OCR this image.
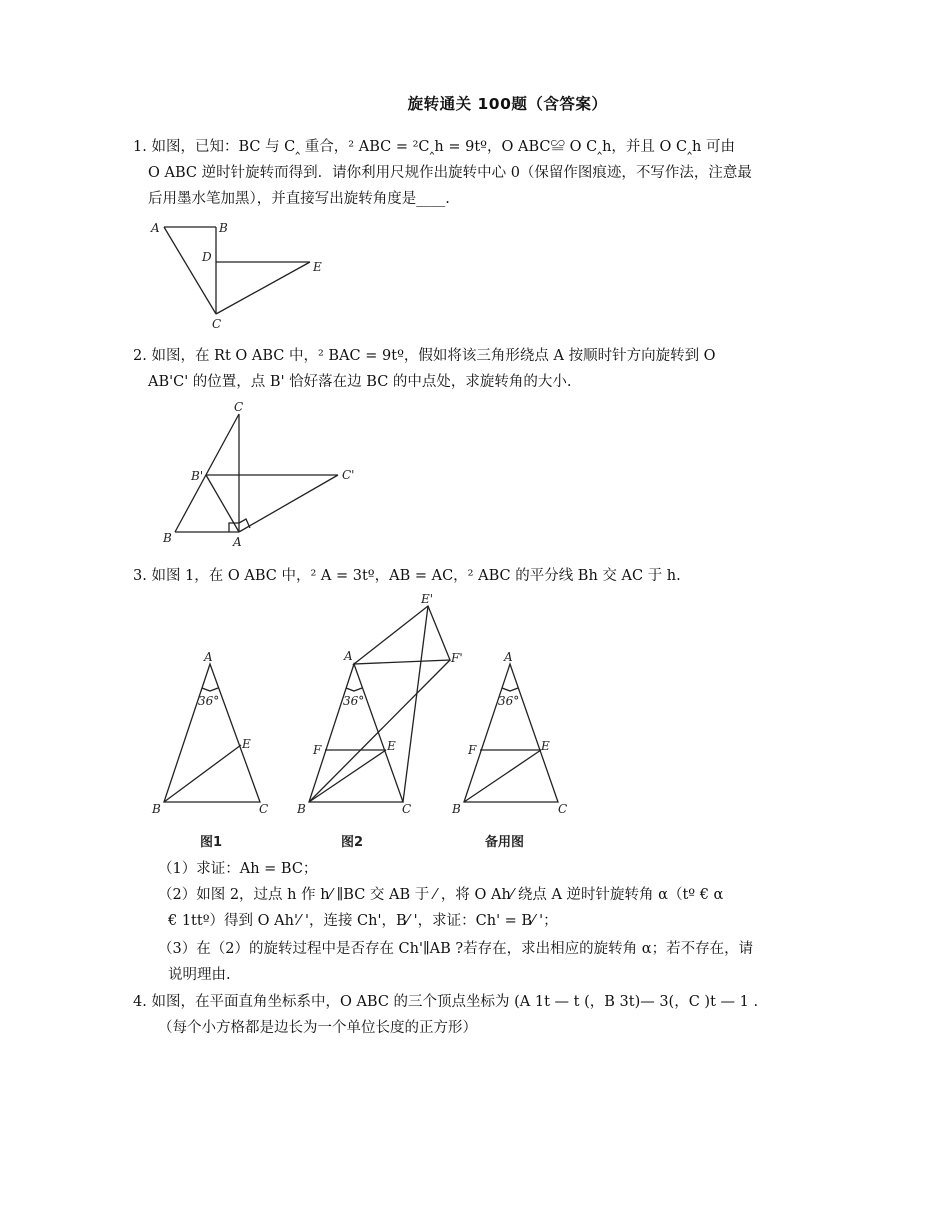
旋转通关 100题（含答案）
1. 如图，已知：BC 与 C‸ 重合，² ABC = ²C‸h = 9tº，O ABC≌ O C‸h，并且 O C‸h 可由
O ABC 逆时针旋转而得到．请你利用尺规作出旋转中心 0（保留作图痕迹，不写作法，注意最
后用墨水笔加黑），并直接写出旋转角度是____.
A	B
D
E
C
2. 如图，在 Rt O ABC 中，² BAC = 9tº，假如将该三角形绕点 A 按顺时针方向旋转到 O
AB'C' 的位置，点 B' 恰好落在边 BC 的中点处，求旋转角的大小.
C
B'	C'
B	A
3. 如图 1，在 O ABC 中，² A = 3tº，AB = AC，² ABC 的平分线 Bh 交 AC 于 h.
A
36°
E
B	C
图1
E'
A	F'
36°
F	E
B	C
图2
A
36°
F	E
B	C
备用图
（1）求证：Ah = BC；
（2）如图 2，过点 h 作 h⁄ ∥BC 交 AB 于 ⁄ ，将 O Ah⁄ 绕点 A 逆时针旋转角 α（tº € α
€ 1ttº）得到 O Ah'⁄ '，连接 Ch'，B⁄ '，求证：Ch' = B⁄ '；
（3）在（2）的旋转过程中是否存在 Ch'∥AB ?若存在，求出相应的旋转角 α；若不存在，请
说明理由.
4. 如图，在平面直角坐标系中，O ABC 的三个顶点坐标为 (A 1t — t (，B 3t)— 3(，C )t — 1 .
（每个小方格都是边长为一个单位长度的正方形）
